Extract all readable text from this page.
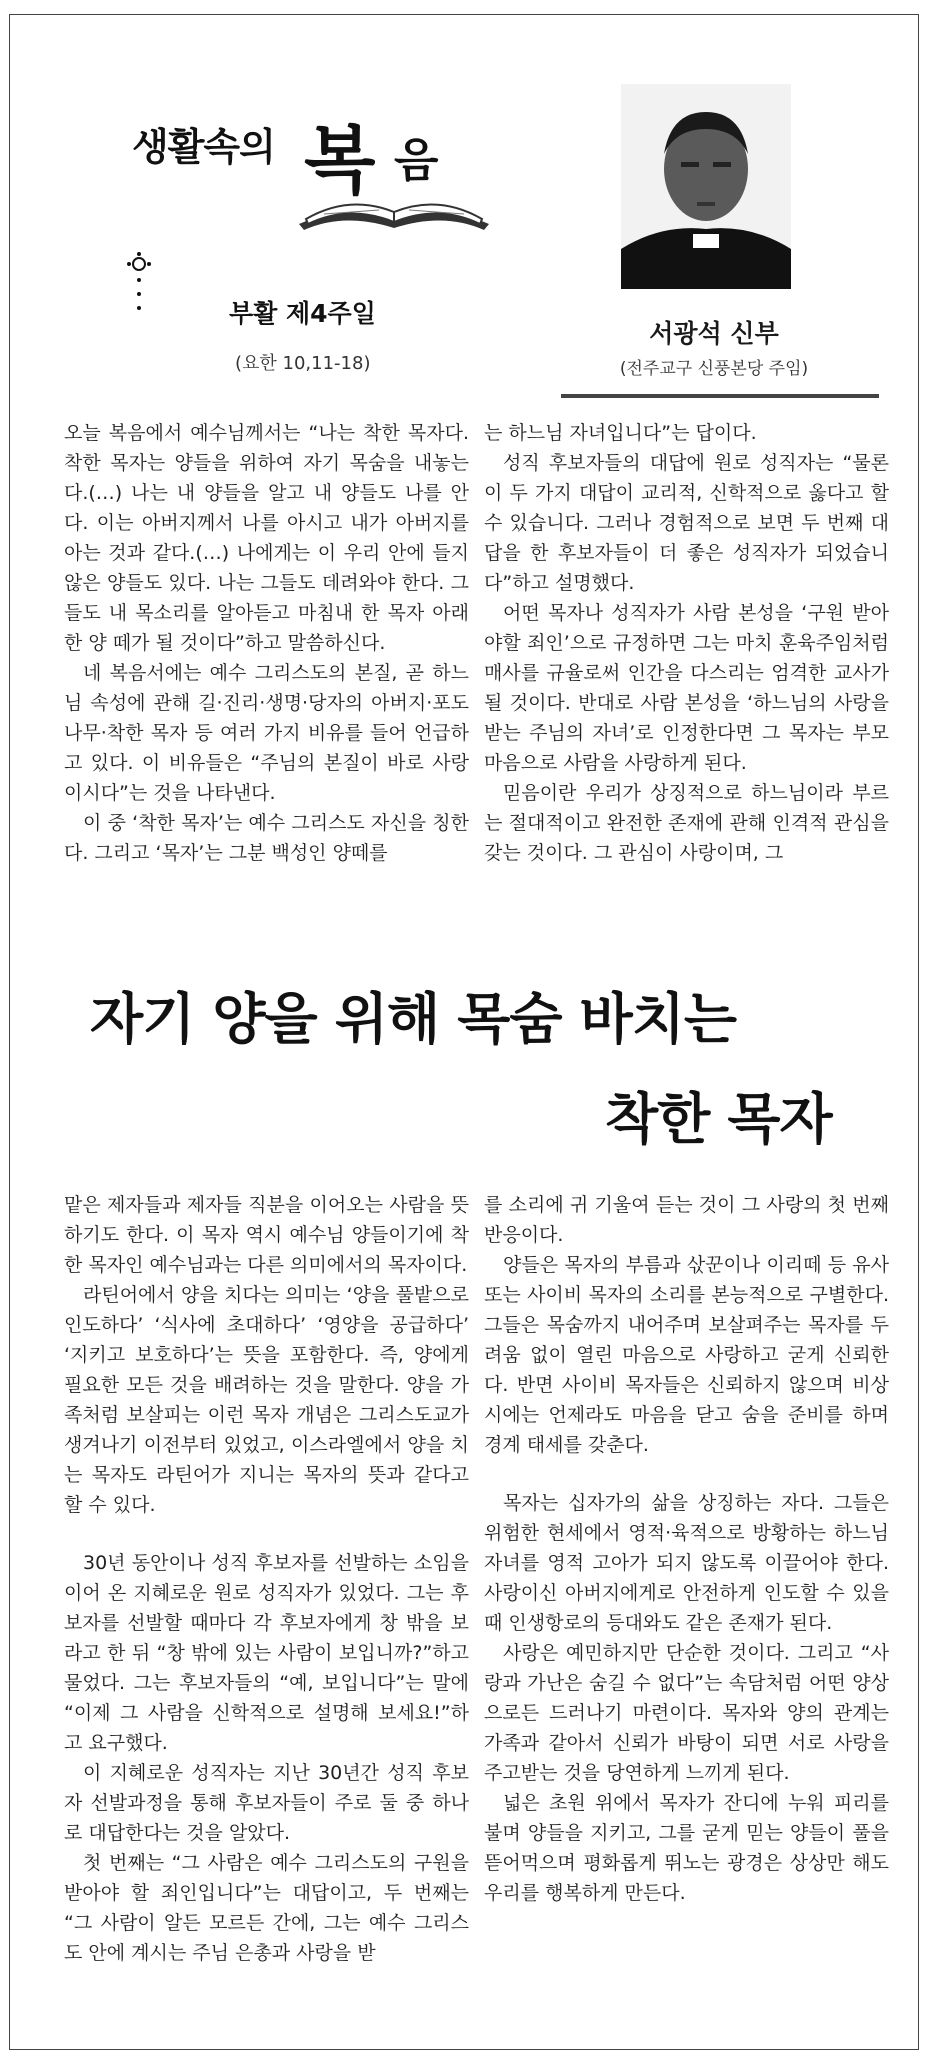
생활속의 복 음
부활 제4주일
(요한 10,11-18)
서광석 신부
(전주교구 신풍본당 주임)

오늘 복음에서 예수님께서는 “나는 착한 목자다. 착한 목자는 양들을 위하여 자기 목숨을 내놓는다.(…) 나는 내 양들을 알고 내 양들도 나를 안다. 이는 아버지께서 나를 아시고 내가 아버지를 아는 것과 같다.(…) 나에게는 이 우리 안에 들지 않은 양들도 있다. 나는 그들도 데려와야 한다. 그들도 내 목소리를 알아듣고 마침내 한 목자 아래 한 양 떼가 될 것이다”하고 말씀하신다.

네 복음서에는 예수 그리스도의 본질, 곧 하느님 속성에 관해 길·진리·생명·당자의 아버지·포도나무·착한 목자 등 여러 가지 비유를 들어 언급하고 있다. 이 비유들은 “주님의 본질이 바로 사랑이시다”는 것을 나타낸다.

이 중 ‘착한 목자’는 예수 그리스도 자신을 칭한다. 그리고 ‘목자’는 그분 백성인 양떼를

는 하느님 자녀입니다”는 답이다.

성직 후보자들의 대답에 원로 성직자는 “물론 이 두 가지 대답이 교리적, 신학적으로 옳다고 할 수 있습니다. 그러나 경험적으로 보면 두 번째 대답을 한 후보자들이 더 좋은 성직자가 되었습니다”하고 설명했다.

어떤 목자나 성직자가 사람 본성을 ‘구원 받아야할 죄인’으로 규정하면 그는 마치 훈육주임처럼 매사를 규율로써 인간을 다스리는 엄격한 교사가 될 것이다. 반대로 사람 본성을 ‘하느님의 사랑을 받는 주님의 자녀’로 인정한다면 그 목자는 부모 마음으로 사람을 사랑하게 된다.

믿음이란 우리가 상징적으로 하느님이라 부르는 절대적이고 완전한 존재에 관해 인격적 관심을 갖는 것이다. 그 관심이 사랑이며, 그

자기 양을 위해 목숨 바치는
착한 목자

맡은 제자들과 제자들 직분을 이어오는 사람을 뜻하기도 한다. 이 목자 역시 예수님 양들이기에 착한 목자인 예수님과는 다른 의미에서의 목자이다.

라틴어에서 양을 치다는 의미는 ‘양을 풀밭으로 인도하다’ ‘식사에 초대하다’ ‘영양을 공급하다’ ‘지키고 보호하다’는 뜻을 포함한다. 즉, 양에게 필요한 모든 것을 배려하는 것을 말한다. 양을 가족처럼 보살피는 이런 목자 개념은 그리스도교가 생겨나기 이전부터 있었고, 이스라엘에서 양을 치는 목자도 라틴어가 지니는 목자의 뜻과 같다고 할 수 있다.

30년 동안이나 성직 후보자를 선발하는 소임을 이어 온 지혜로운 원로 성직자가 있었다. 그는 후보자를 선발할 때마다 각 후보자에게 창 밖을 보라고 한 뒤 “창 밖에 있는 사람이 보입니까?”하고 물었다. 그는 후보자들의 “예, 보입니다”는 말에 “이제 그 사람을 신학적으로 설명해 보세요!”하고 요구했다.

이 지혜로운 성직자는 지난 30년간 성직 후보자 선발과정을 통해 후보자들이 주로 둘 중 하나로 대답한다는 것을 알았다.

첫 번째는 “그 사람은 예수 그리스도의 구원을 받아야 할 죄인입니다”는 대답이고, 두 번째는 “그 사람이 알든 모르든 간에, 그는 예수 그리스도 안에 계시는 주님 은총과 사랑을 받

를 소리에 귀 기울여 듣는 것이 그 사랑의 첫 번째 반응이다.

양들은 목자의 부름과 삯꾼이나 이리떼 등 유사 또는 사이비 목자의 소리를 본능적으로 구별한다. 그들은 목숨까지 내어주며 보살펴주는 목자를 두려움 없이 열린 마음으로 사랑하고 굳게 신뢰한다. 반면 사이비 목자들은 신뢰하지 않으며 비상시에는 언제라도 마음을 닫고 숨을 준비를 하며 경계 태세를 갖춘다.

목자는 십자가의 삶을 상징하는 자다. 그들은 위험한 현세에서 영적·육적으로 방황하는 하느님 자녀를 영적 고아가 되지 않도록 이끌어야 한다. 사랑이신 아버지에게로 안전하게 인도할 수 있을 때 인생항로의 등대와도 같은 존재가 된다.

사랑은 예민하지만 단순한 것이다. 그리고 “사랑과 가난은 숨길 수 없다”는 속담처럼 어떤 양상으로든 드러나기 마련이다. 목자와 양의 관계는 가족과 같아서 신뢰가 바탕이 되면 서로 사랑을 주고받는 것을 당연하게 느끼게 된다.

넓은 초원 위에서 목자가 잔디에 누워 피리를 불며 양들을 지키고, 그를 굳게 믿는 양들이 풀을 뜯어먹으며 평화롭게 뛰노는 광경은 상상만 해도 우리를 행복하게 만든다.
